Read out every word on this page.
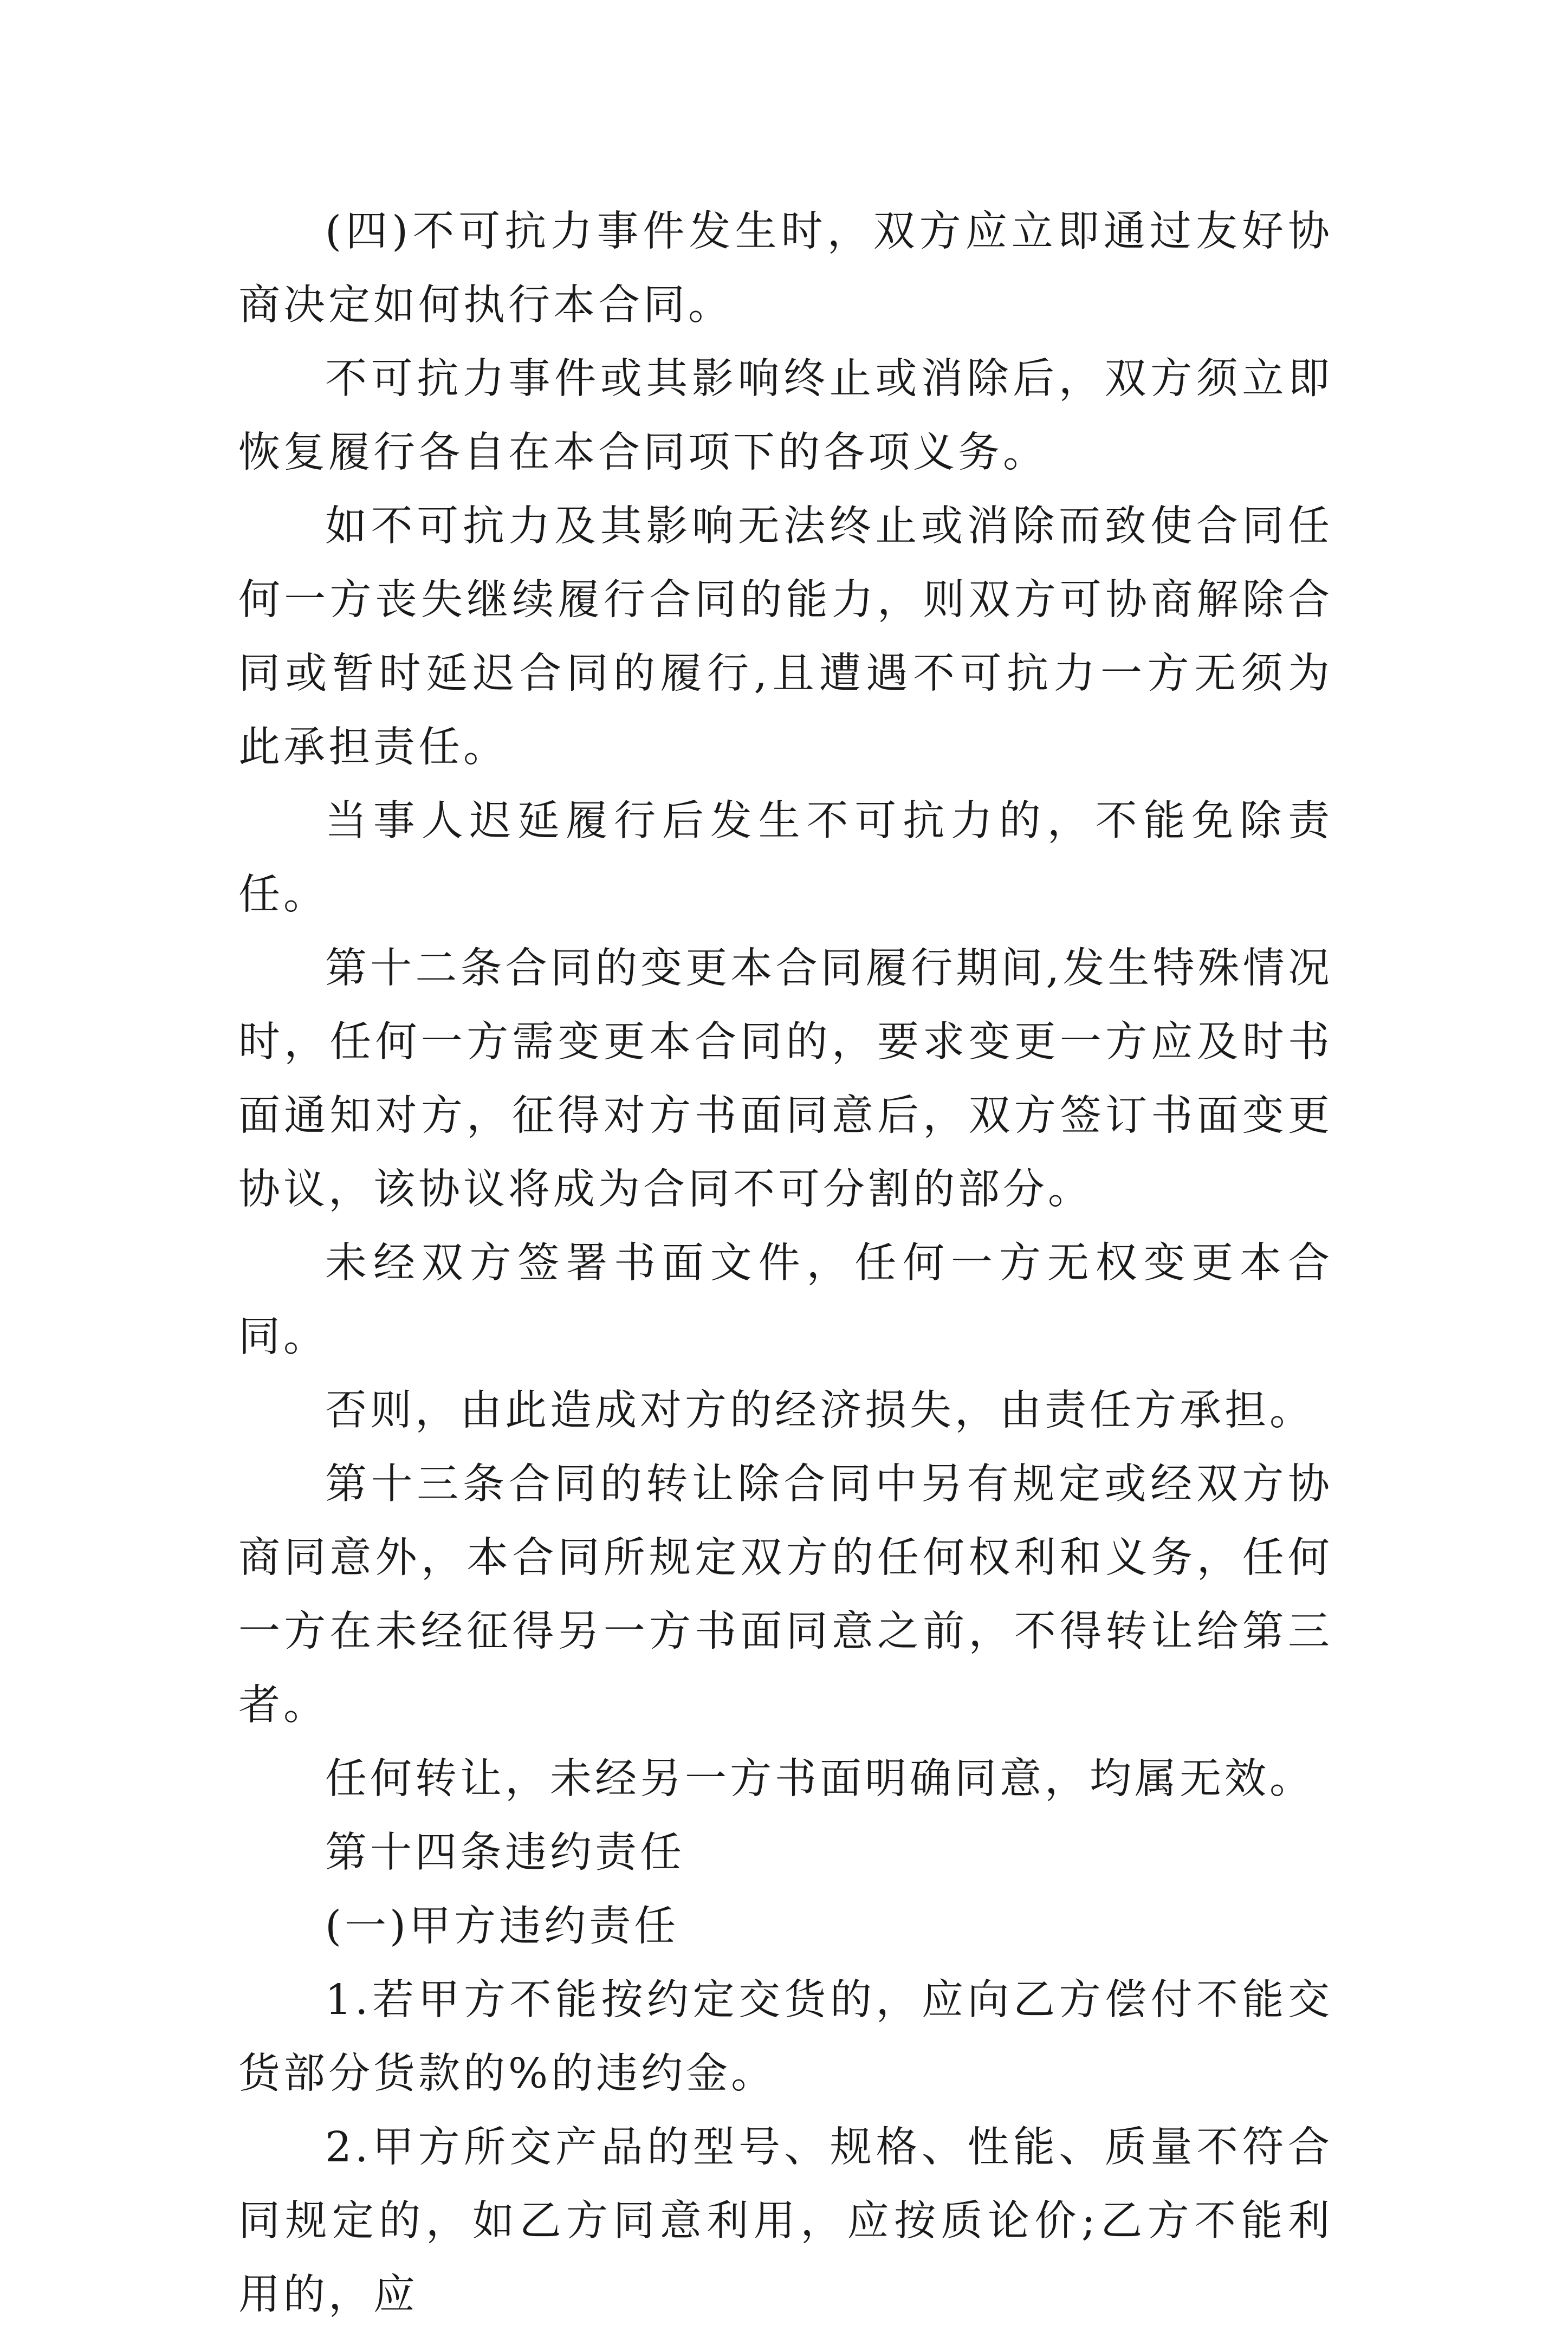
(四)不可抗力事件发生时，双方应立即通过友好协商决定如何执行本合同。

不可抗力事件或其影响终止或消除后，双方须立即恢复履行各自在本合同项下的各项义务。

如不可抗力及其影响无法终止或消除而致使合同任何一方丧失继续履行合同的能力，则双方可协商解除合同或暂时延迟合同的履行,且遭遇不可抗力一方无须为此承担责任。

当事人迟延履行后发生不可抗力的，不能免除责任。

第十二条合同的变更本合同履行期间,发生特殊情况时，任何一方需变更本合同的，要求变更一方应及时书面通知对方，征得对方书面同意后，双方签订书面变更协议，该协议将成为合同不可分割的部分。

未经双方签署书面文件，任何一方无权变更本合同。

否则，由此造成对方的经济损失，由责任方承担。

第十三条合同的转让除合同中另有规定或经双方协商同意外，本合同所规定双方的任何权利和义务，任何一方在未经征得另一方书面同意之前，不得转让给第三者。

任何转让，未经另一方书面明确同意，均属无效。

第十四条违约责任

(一)甲方违约责任

1.若甲方不能按约定交货的，应向乙方偿付不能交货部分货款的%的违约金。

2.甲方所交产品的型号、规格、性能、质量不符合同规定的，如乙方同意利用，应按质论价;乙方不能利用的，应
